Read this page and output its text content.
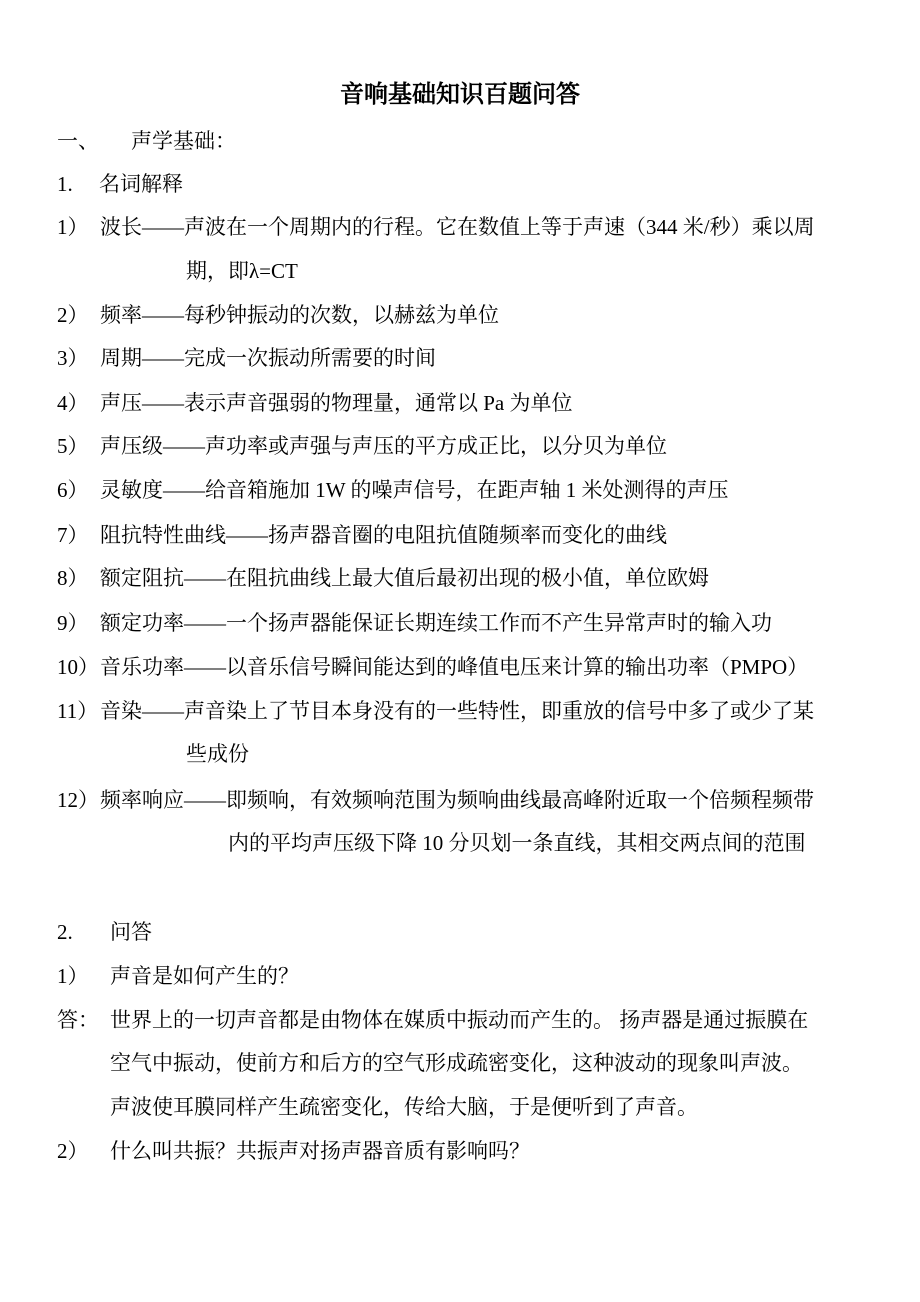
音响基础知识百题问答
一、 声学基础：
1. 名词解释
1） 波长——声波在一个周期内的行程。它在数值上等于声速（344 米/秒）乘以周
期，即λ=CT
2） 频率——每秒钟振动的次数，以赫兹为单位
3） 周期——完成一次振动所需要的时间
4） 声压——表示声音强弱的物理量，通常以 Pa 为单位
5） 声压级——声功率或声强与声压的平方成正比，以分贝为单位
6） 灵敏度——给音箱施加 1W 的噪声信号，在距声轴 1 米处测得的声压
7） 阻抗特性曲线——扬声器音圈的电阻抗值随频率而变化的曲线
8） 额定阻抗——在阻抗曲线上最大值后最初出现的极小值，单位欧姆
9） 额定功率——一个扬声器能保证长期连续工作而不产生异常声时的输入功
10） 音乐功率——以音乐信号瞬间能达到的峰值电压来计算的输出功率（PMPO）
11） 音染——声音染上了节目本身没有的一些特性，即重放的信号中多了或少了某
些成份
12） 频率响应——即频响，有效频响范围为频响曲线最高峰附近取一个倍频程频带
内的平均声压级下降 10 分贝划一条直线，其相交两点间的范围
2. 问答
1） 声音是如何产生的？
答： 世界上的一切声音都是由物体在媒质中振动而产生的。 扬声器是通过振膜在
空气中振动，使前方和后方的空气形成疏密变化，这种波动的现象叫声波。
声波使耳膜同样产生疏密变化，传给大脑，于是便听到了声音。
2） 什么叫共振？共振声对扬声器音质有影响吗？
